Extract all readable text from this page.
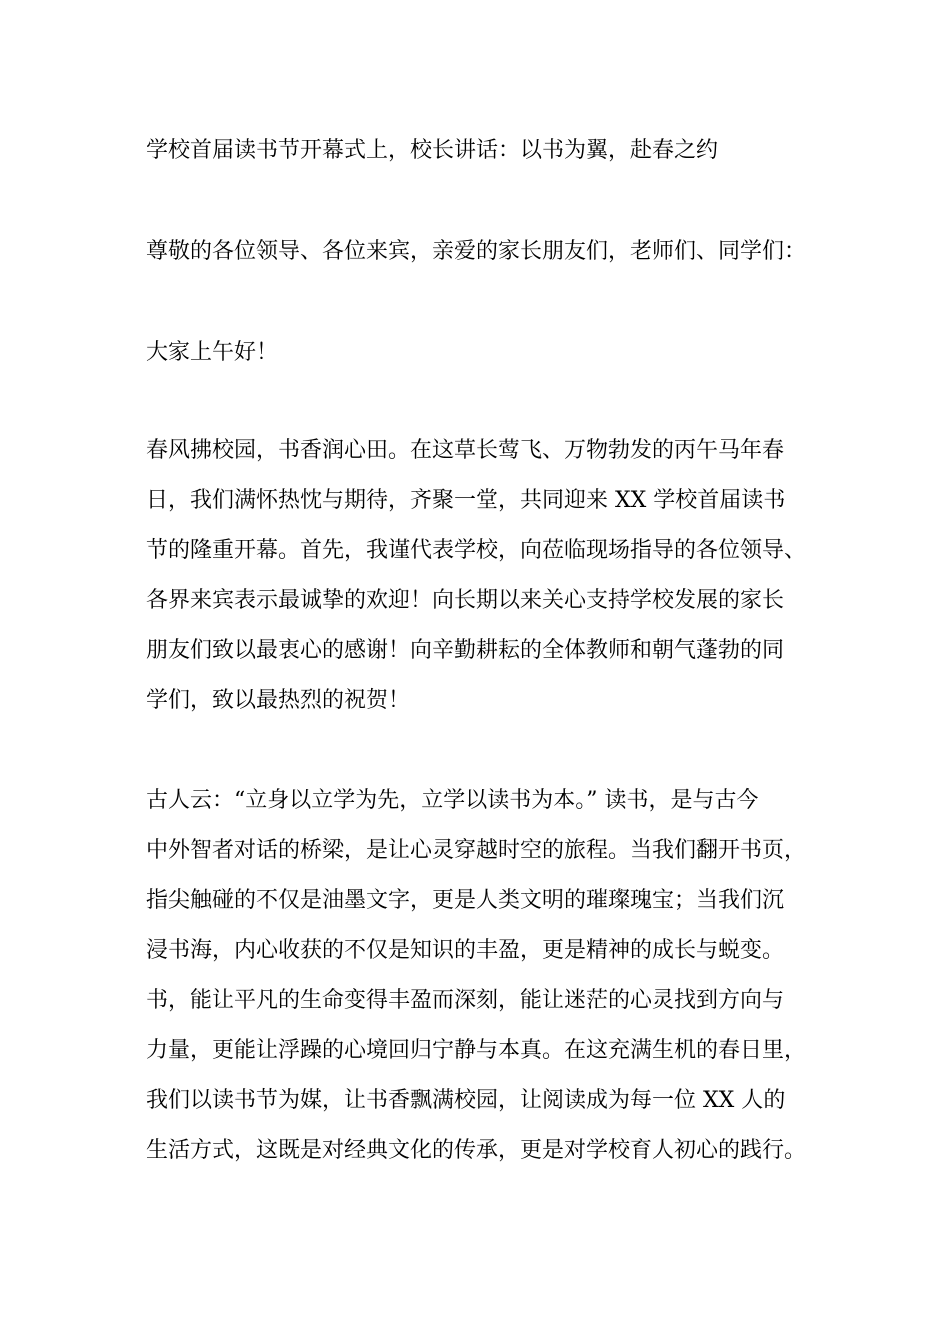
学校首届读书节开幕式上，校长讲话：以书为翼，赴春之约
尊敬的各位领导、各位来宾，亲爱的家长朋友们，老师们、同学们：
大家上午好！
春风拂校园，书香润心田。在这草长莺飞、万物勃发的丙午马年春
日，我们满怀热忱与期待，齐聚一堂，共同迎来 XX 学校首届读书
节的隆重开幕。首先，我谨代表学校，向莅临现场指导的各位领导、
各界来宾表示最诚挚的欢迎！向长期以来关心支持学校发展的家长
朋友们致以最衷心的感谢！向辛勤耕耘的全体教师和朝气蓬勃的同
学们，致以最热烈的祝贺！
古人云：“立身以立学为先，立学以读书为本。” 读书，是与古今
中外智者对话的桥梁，是让心灵穿越时空的旅程。当我们翻开书页，
指尖触碰的不仅是油墨文字，更是人类文明的璀璨瑰宝；当我们沉
浸书海，内心收获的不仅是知识的丰盈，更是精神的成长与蜕变。
书，能让平凡的生命变得丰盈而深刻，能让迷茫的心灵找到方向与
力量，更能让浮躁的心境回归宁静与本真。在这充满生机的春日里，
我们以读书节为媒，让书香飘满校园，让阅读成为每一位 XX 人的
生活方式，这既是对经典文化的传承，更是对学校育人初心的践行。
